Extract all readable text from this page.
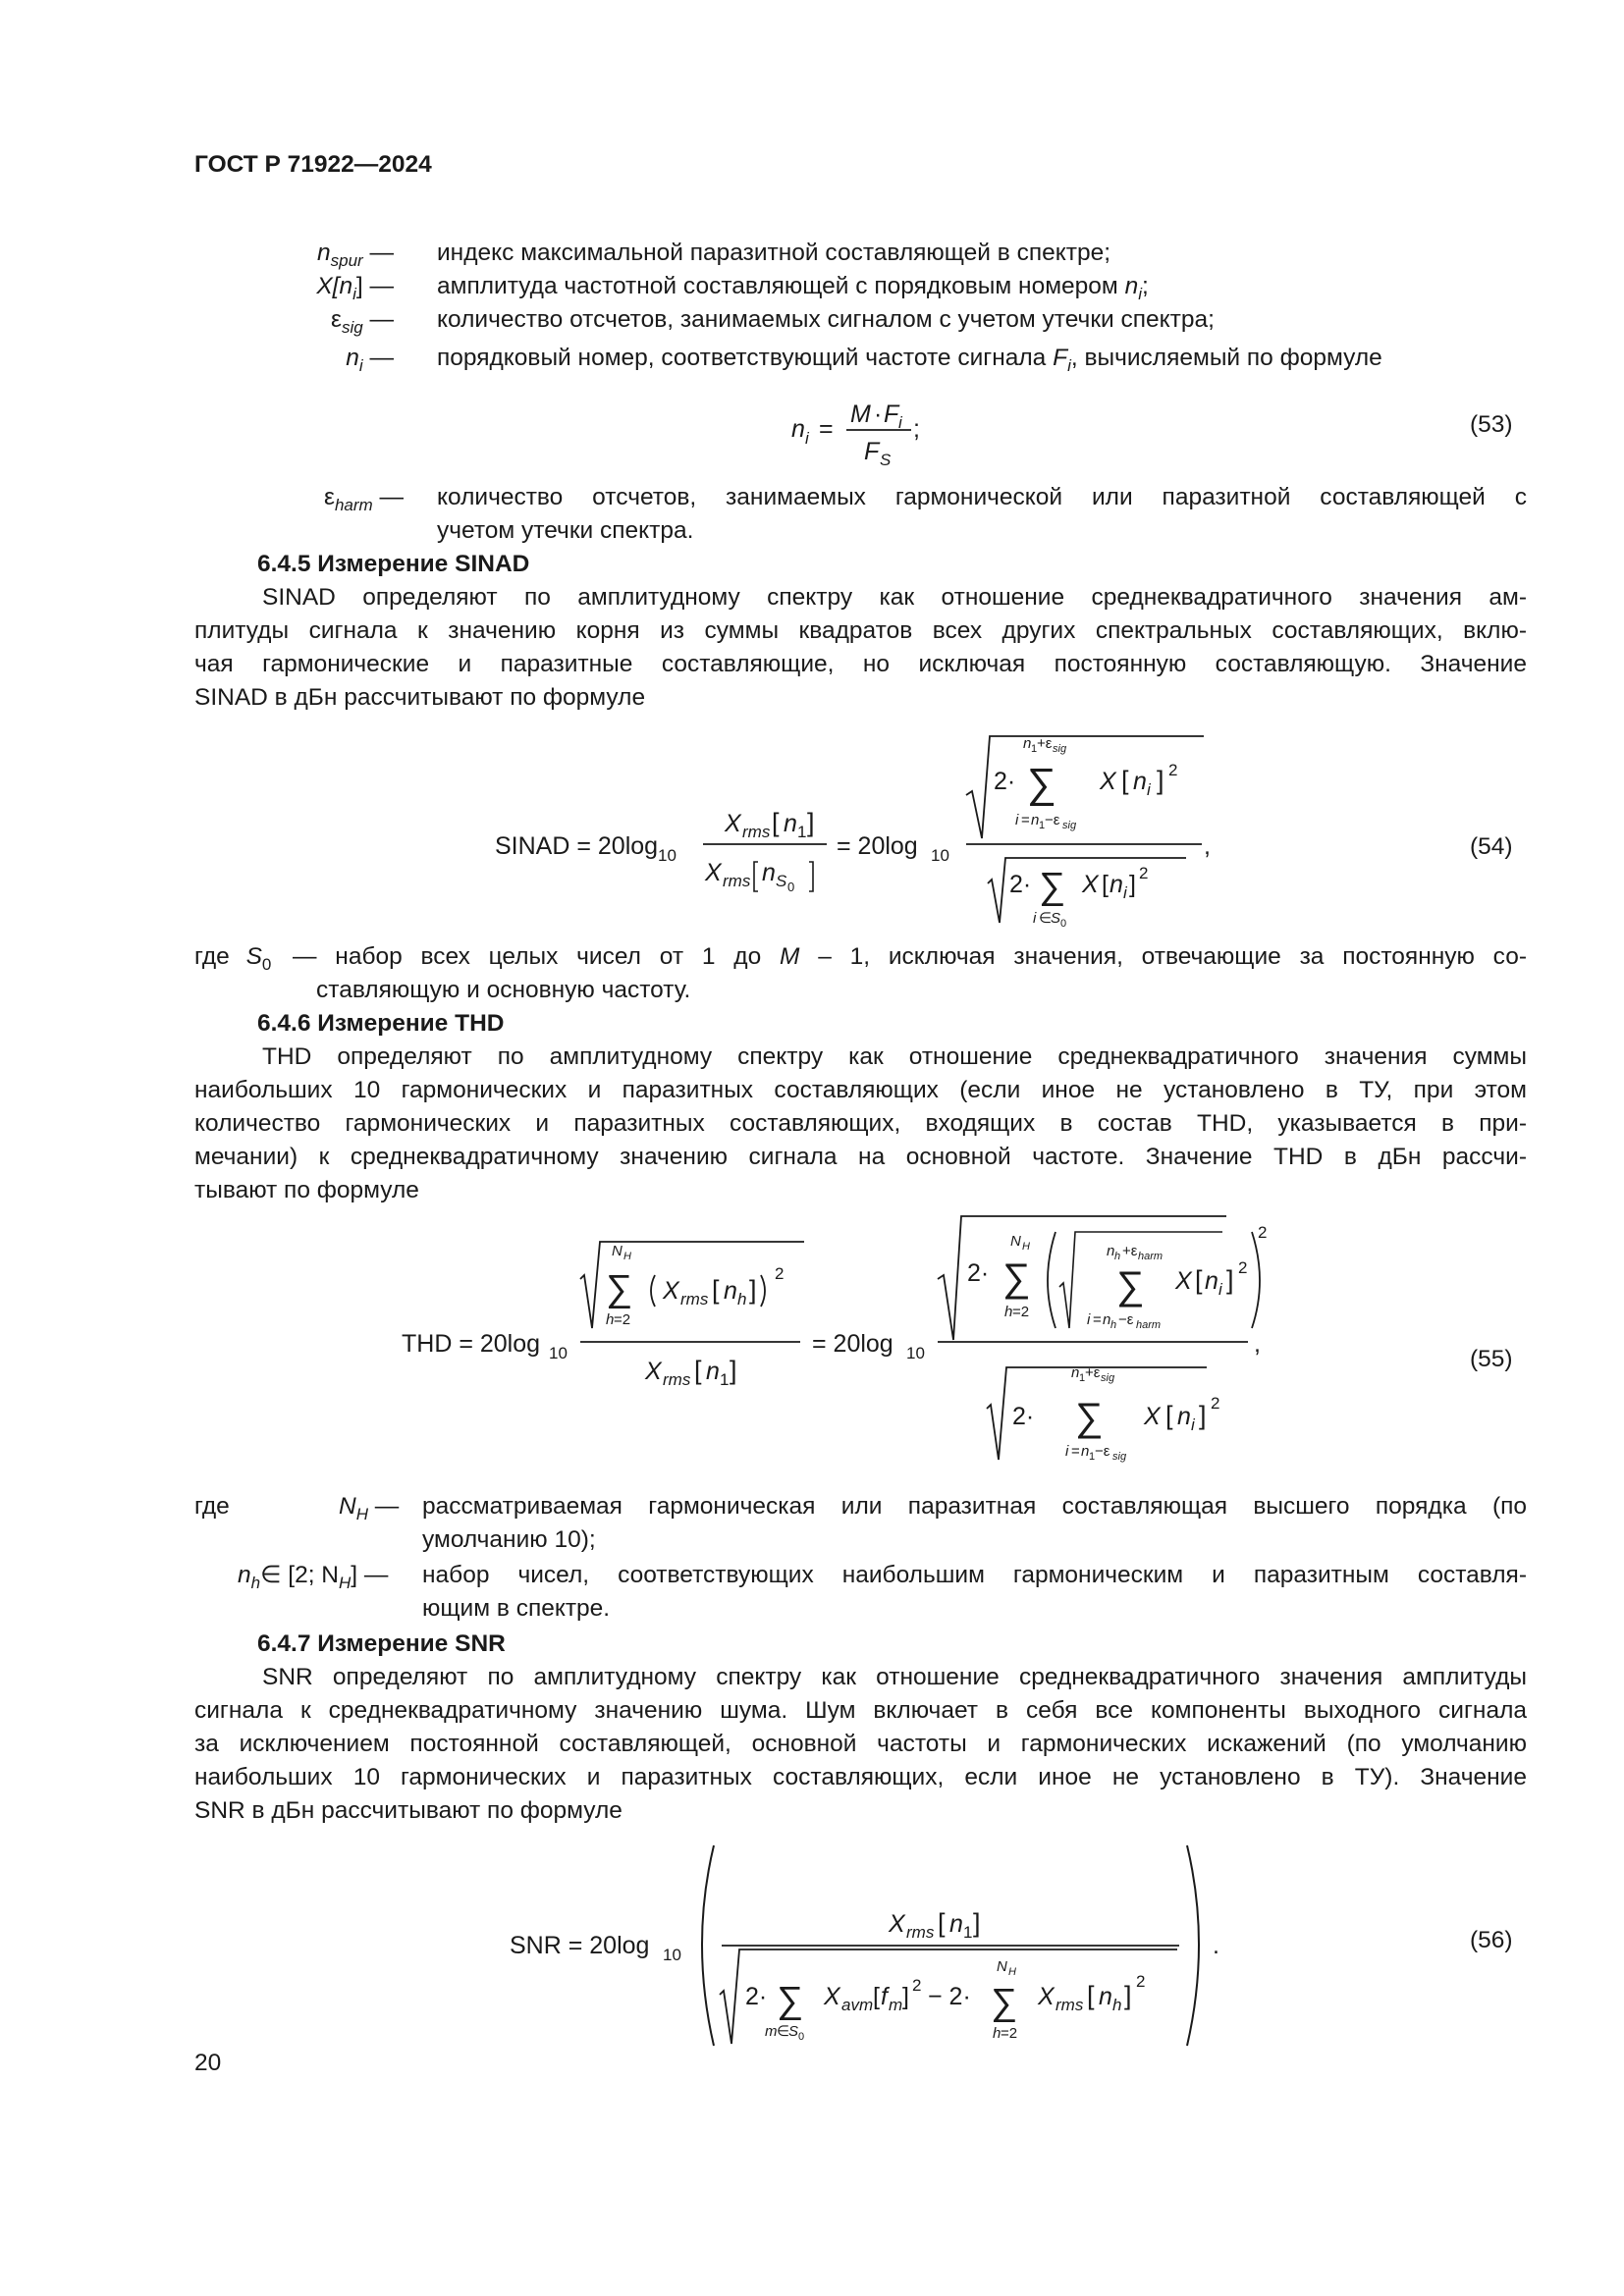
ГОСТ Р 71922—2024
$n_{spur}$ — индекс максимальной паразитной составляющей в спектре;
$X[n_i]$ — амплитуда частотной составляющей с порядковым номером $n_i$;
$\varepsilon_{sig}$ — количество отсчетов, занимаемых сигналом с учетом утечки спектра;
$n_i$ — порядковый номер, соответствующий частоте сигнала $F_i$, вычисляемый по формуле
n i =
M · F i
F S
;	(53)
$\varepsilon_{harm}$ — количество отсчетов, занимаемых гармонической или паразитной составляющей с
учетом утечки спектра.
6.4.5 Измерение SINAD
SINAD определяют по амплитудному спектру как отношение среднеквадратичного значения ам-
плитуды сигнала к значению корня из суммы квадратов всех других спектральных составляющих, вклю-
чая гармонические и паразитные составляющие, но исключая постоянную составляющую. Значение
SINAD в дБн рассчитывают по формуле
SINAD = 20log 10
X rms [ n 1 ]
X rms n S 0
= 20log 10
2·
n 1 +ε sig
∑
i = n 1 −ε sig
X [ n i ] 2
2· ∑
i ∈
S 0
X [ n i ] 2
,	(54)
где $S_0$ — набор всех целых чисел от 1 до M – 1, исключая значения, отвечающие за постоянную со-
ставляющую и основную частоту.
6.4.6 Измерение THD
THD определяют по амплитудному спектру как отношение среднеквадратичного значения суммы
наибольших 10 гармонических и паразитных составляющих (если иное не установлено в ТУ, при этом
количество гармонических и паразитных составляющих, входящих в состав THD, указывается в при-
мечании) к среднеквадратичному значению сигнала на основной частоте. Значение THD в дБн рассчи-
тывают по формуле
THD = 20log 10
N H
∑
h =2
X rms [ n h ]
2
X rms [ n 1 ]
= 20log 10
2·
N H
∑
h =2
n h +ε harm
∑
i = n h −ε harm
X [ n i ] 2
2
2·
n 1 +ε sig
∑
i = n 1 −ε sig
X [ n i ] 2
,
(55)
где	$N_H$ — рассматриваемая гармоническая или паразитная составляющая высшего порядка (по
умолчанию 10);
$n_h\in$ [2; $N_H$] — набор чисел, соответствующих наибольшим гармоническим и паразитным составля-
ющим в спектре.
6.4.7 Измерение SNR
SNR определяют по амплитудному спектру как отношение среднеквадратичного значения амплитуды
сигнала к среднеквадратичному значению шума. Шум включает в себя все компоненты выходного сигнала
за исключением постоянной составляющей, основной частоты и гармонических искажений (по умолчанию
наибольших 10 гармонических и паразитных составляющих, если иное не установлено в ТУ). Значение
SNR в дБн рассчитывают по формуле
SNR = 20log 10
X rms [ n 1 ]
2· ∑
m ∈
S 0
X avm [ f m ] 2 − 2·
N H
∑
h =2
X rms [ n h ] 2
.	(56)
20
